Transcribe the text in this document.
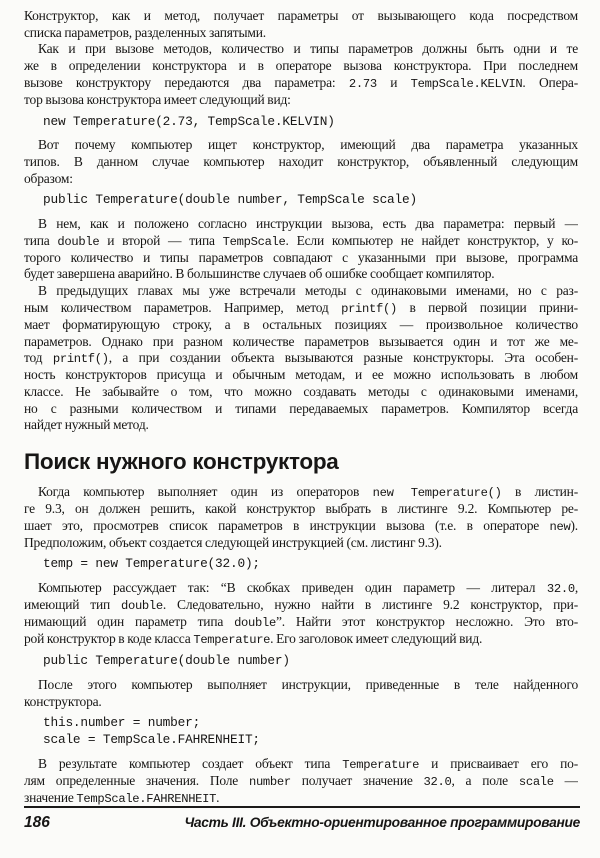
Конструктор, как и метод, получает параметры от вызывающего кода посредством
списка параметров, разделенных запятыми.
Как и при вызове методов, количество и типы параметров должны быть одни и те
же в определении конструктора и в операторе вызова конструктора. При последнем
вызове конструктору передаются два параметра: 2.73 и TempScale.KELVIN. Опера-
тор вызова конструктора имеет следующий вид:
new Temperature(2.73, TempScale.KELVIN)
Вот почему компьютер ищет конструктор, имеющий два параметра указанных
типов. В данном случае компьютер находит конструктор, объявленный следующим
образом:
public Temperature(double number, TempScale scale)
В нем, как и положено согласно инструкции вызова, есть два параметра: первый —
типа double и второй — типа TempScale. Если компьютер не найдет конструктор, у ко-
торого количество и типы параметров совпадают с указанными при вызове, программа
будет завершена аварийно. В большинстве случаев об ошибке сообщает компилятор.
В предыдущих главах мы уже встречали методы с одинаковыми именами, но с раз-
ным количеством параметров. Например, метод printf() в первой позиции прини-
мает форматирующую строку, а в остальных позициях — произвольное количество
параметров. Однако при разном количестве параметров вызывается один и тот же ме-
тод printf(), а при создании объекта вызываются разные конструкторы. Эта особен-
ность конструкторов присуща и обычным методам, и ее можно использовать в любом
классе. Не забывайте о том, что можно создавать методы с одинаковыми именами,
но с разными количеством и типами передаваемых параметров. Компилятор всегда
найдет нужный метод.
Поиск нужного конструктора
Когда компьютер выполняет один из операторов new Temperature() в листин-
ге 9.3, он должен решить, какой конструктор выбрать в листинге 9.2. Компьютер ре-
шает это, просмотрев список параметров в инструкции вызова (т.е. в операторе new).
Предположим, объект создается следующей инструкцией (см. листинг 9.3).
temp = new Temperature(32.0);
Компьютер рассуждает так: “В скобках приведен один параметр — литерал 32.0,
имеющий тип double. Следовательно, нужно найти в листинге 9.2 конструктор, при-
нимающий один параметр типа double”. Найти этот конструктор несложно. Это вто-
рой конструктор в коде класса Temperature. Его заголовок имеет следующий вид.
public Temperature(double number)
После этого компьютер выполняет инструкции, приведенные в теле найденного
конструктора.
this.number = number;
scale = TempScale.FAHRENHEIT;
В результате компьютер создает объект типа Temperature и присваивает его по-
лям определенные значения. Поле number получает значение 32.0, а поле scale —
значение TempScale.FAHRENHEIT.
186	Часть III. Объектно-ориентированное программирование
